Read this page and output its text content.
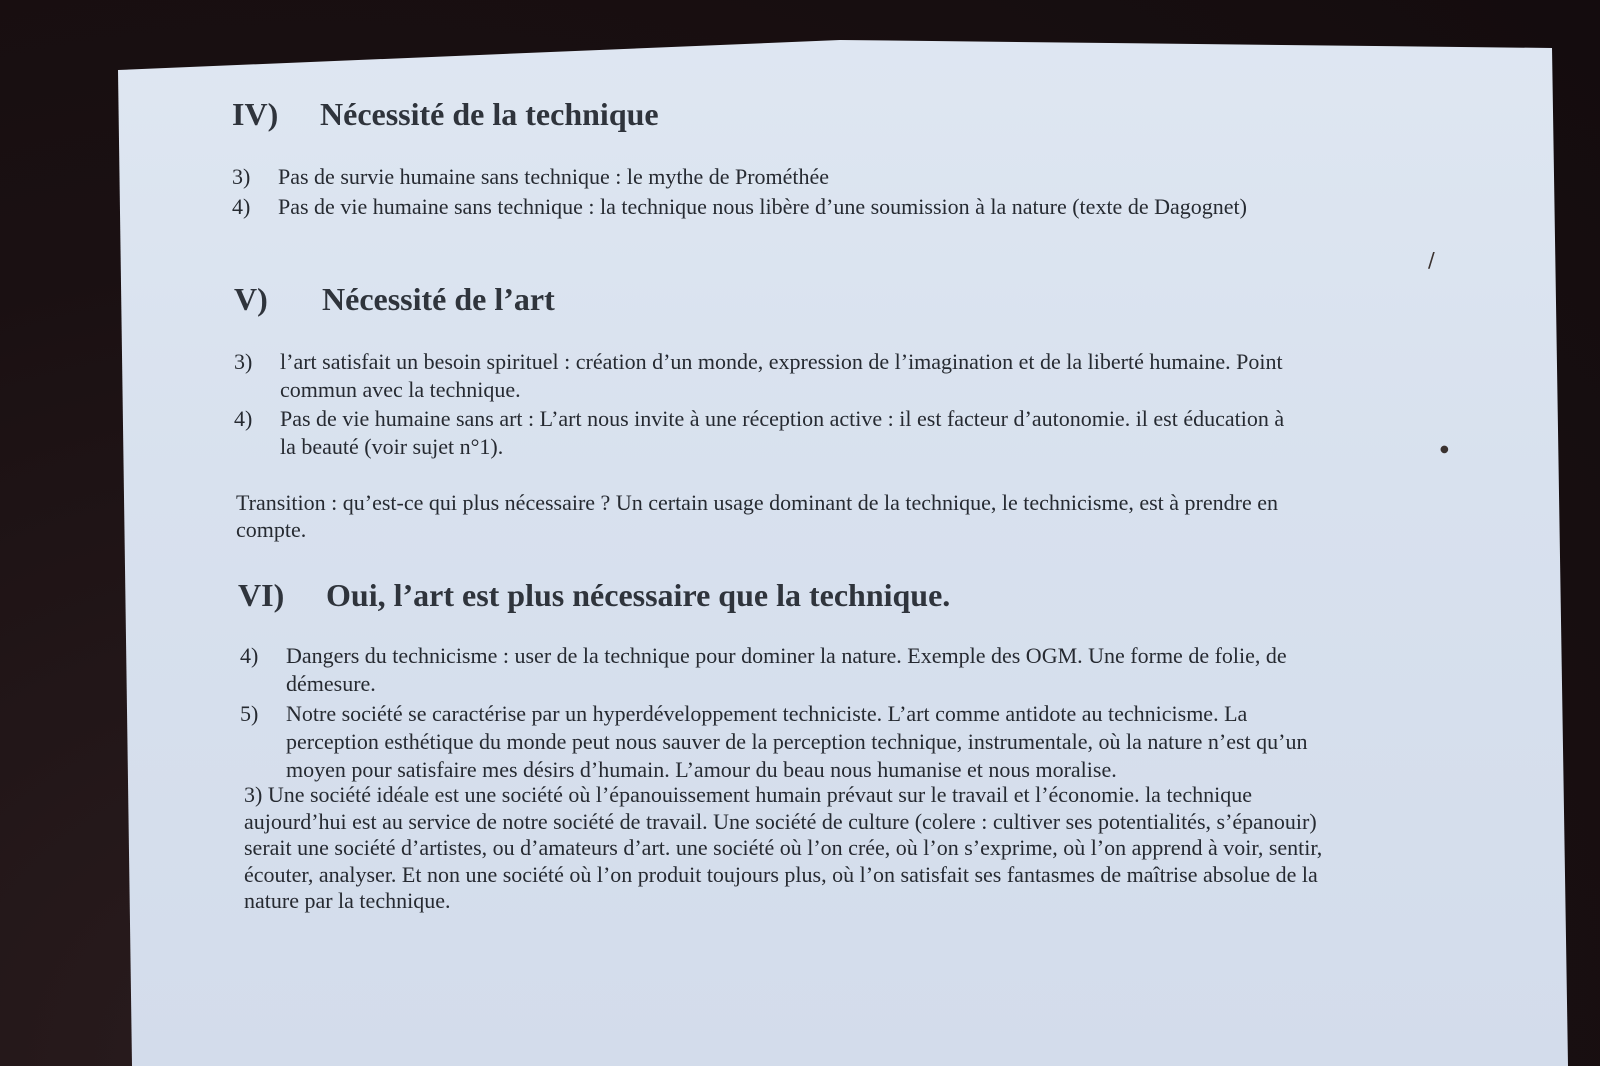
IV) Nécessité de la technique
3) Pas de survie humaine sans technique : le mythe de Prométhée
4) Pas de vie humaine sans technique : la technique nous libère d’une soumission à la nature (texte de Dagognet)
V) Nécessité de l’art
3) l’art satisfait un besoin spirituel : création d’un monde, expression de l’imagination et de la liberté humaine. Point commun avec la technique.
4) Pas de vie humaine sans art : L’art nous invite à une réception active : il est facteur d’autonomie. il est éducation à la beauté (voir sujet n°1).
Transition : qu’est-ce qui plus nécessaire ? Un certain usage dominant de la technique, le technicisme, est à prendre en compte.
VI) Oui, l’art est plus nécessaire que la technique.
4) Dangers du technicisme : user de la technique pour dominer la nature. Exemple des OGM. Une forme de folie, de démesure.
5) Notre société se caractérise par un hyperdéveloppement techniciste. L’art comme antidote au technicisme. La perception esthétique du monde peut nous sauver de la perception technique, instrumentale, où la nature n’est qu’un moyen pour satisfaire mes désirs d’humain. L’amour du beau nous humanise et nous moralise.
3) Une société idéale est une société où l’épanouissement humain prévaut sur le travail et l’économie. la technique aujourd’hui est au service de notre société de travail. Une société de culture (colere : cultiver ses potentialités, s’épanouir) serait une société d’artistes, ou d’amateurs d’art. une société où l’on crée, où l’on s’exprime, où l’on apprend à voir, sentir, écouter, analyser. Et non une société où l’on produit toujours plus, où l’on satisfait ses fantasmes de maîtrise absolue de la nature par la technique.
/
●
